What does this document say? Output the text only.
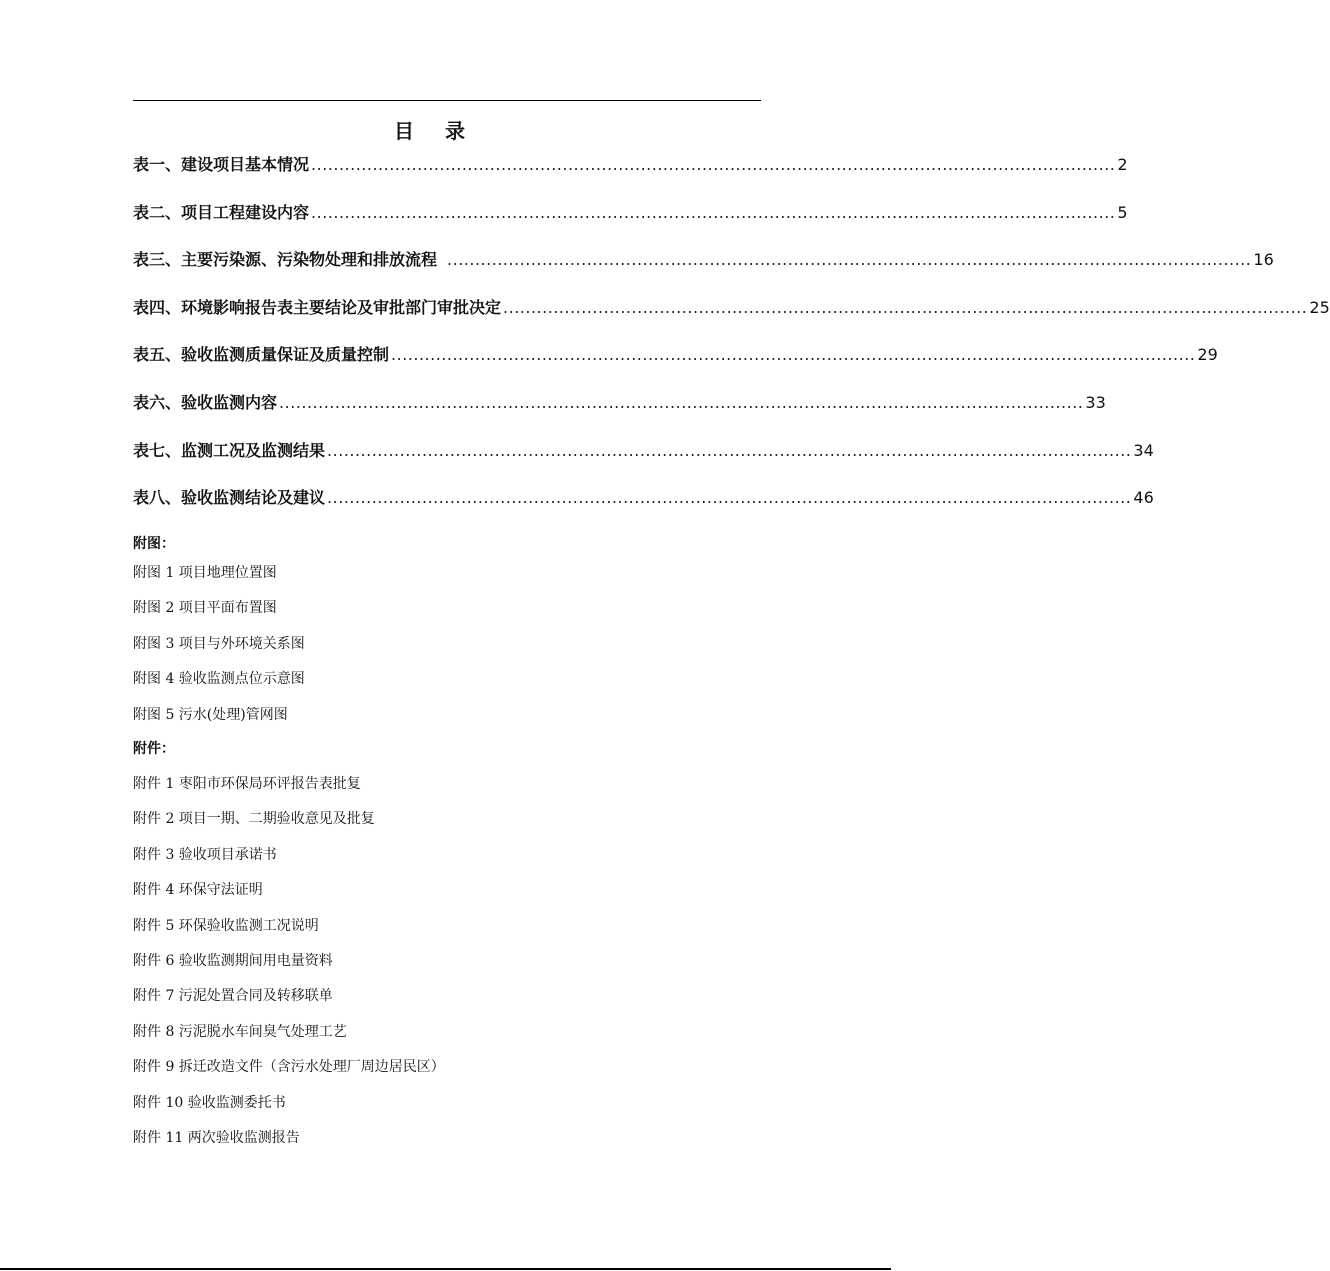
目 录
表一、建设项目基本情况 ................................................................................................................................................ 2
表二、项目工程建设内容 ................................................................................................................................................ 5
表三、主要污染源、污染物处理和排放流程 ................................................................................................................................................ 16
表四、环境影响报告表主要结论及审批部门审批决定 ................................................................................................................................................ 25
表五、验收监测质量保证及质量控制 ................................................................................................................................................ 29
表六、验收监测内容 ................................................................................................................................................ 33
表七、监测工况及监测结果 ................................................................................................................................................ 34
表八、验收监测结论及建议 ................................................................................................................................................ 46
附图：
附图 1 项目地理位置图
附图 2 项目平面布置图
附图 3 项目与外环境关系图
附图 4 验收监测点位示意图
附图 5 污水(处理)管网图
附件：
附件 1 枣阳市环保局环评报告表批复
附件 2 项目一期、二期验收意见及批复
附件 3 验收项目承诺书
附件 4 环保守法证明
附件 5 环保验收监测工况说明
附件 6 验收监测期间用电量资料
附件 7 污泥处置合同及转移联单
附件 8 污泥脱水车间臭气处理工艺
附件 9 拆迁改造文件（含污水处理厂周边居民区）
附件 10 验收监测委托书
附件 11 两次验收监测报告
